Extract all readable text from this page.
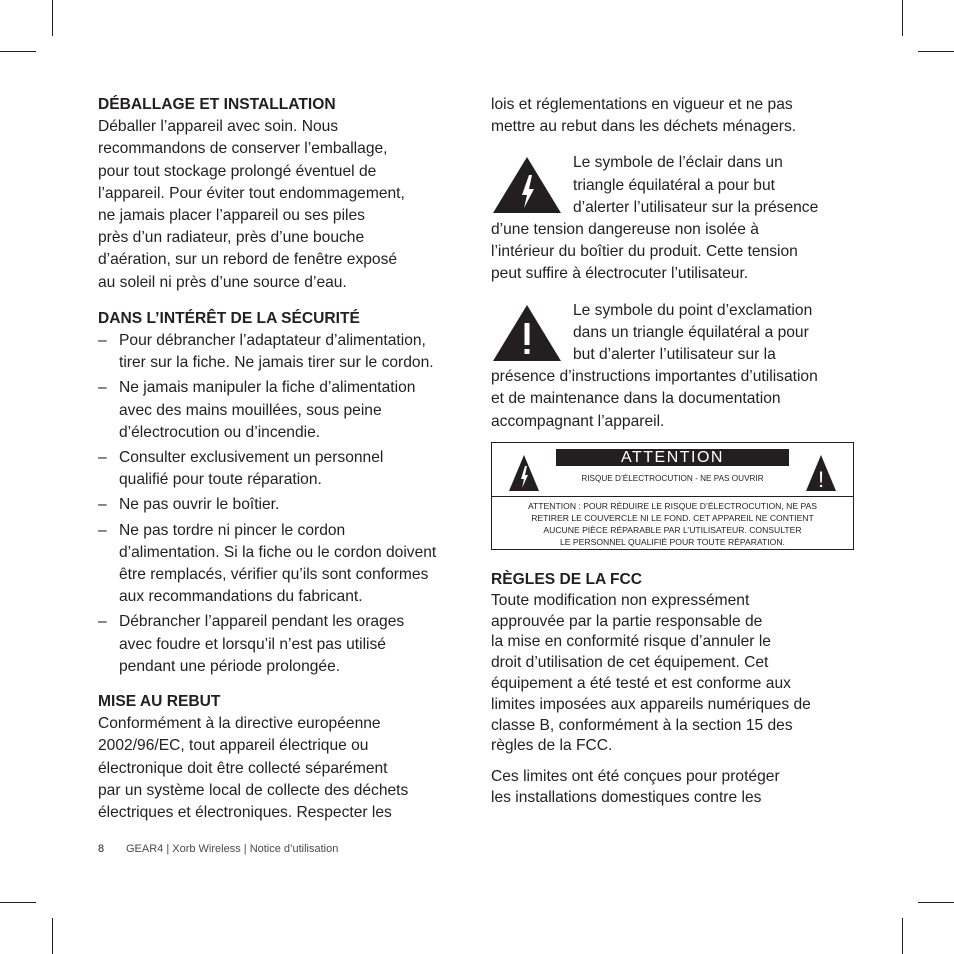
DÉBALLAGE ET INSTALLATION

Déballer l’appareil avec soin. Nous
recommandons de conserver l’emballage,
pour tout stockage prolongé éventuel de
l’appareil. Pour éviter tout endommagement,
ne jamais placer l’appareil ou ses piles
près d’un radiateur, près d’une bouche
d’aération, sur un rebord de fenêtre exposé
au soleil ni près d’une source d’eau.

DANS L’INTÉRÊT DE LA SÉCURITÉ
– Pour débrancher l’adaptateur d’alimentation,
tirer sur la fiche. Ne jamais tirer sur le cordon.
– Ne jamais manipuler la fiche d’alimentation
avec des mains mouillées, sous peine
d’électrocution ou d’incendie.
– Consulter exclusivement un personnel
qualifié pour toute réparation.
– Ne pas ouvrir le boîtier.
– Ne pas tordre ni pincer le cordon
d’alimentation. Si la fiche ou le cordon doivent
être remplacés, vérifier qu’ils sont conformes
aux recommandations du fabricant.
– Débrancher l’appareil pendant les orages
avec foudre et lorsqu’il n’est pas utilisé
pendant une période prolongée.
MISE AU REBUT

Conformément à la directive européenne
2002/96/EC, tout appareil électrique ou
électronique doit être collecté séparément
par un système local de collecte des déchets
électriques et électroniques. Respecter les

lois et réglementations en vigueur et ne pas
mettre au rebut dans les déchets ménagers.

Le symbole de l’éclair dans un
triangle équilatéral a pour but
d’alerter l’utilisateur sur la présence
d’une tension dangereuse non isolée à
l’intérieur du boîtier du produit. Cette tension
peut suffire à électrocuter l’utilisateur.

Le symbole du point d’exclamation
dans un triangle équilatéral a pour
but d’alerter l’utilisateur sur la
présence d’instructions importantes d’utilisation
et de maintenance dans la documentation
accompagnant l’appareil.

ATTENTION
RISQUE D’ÉLECTROCUTION - NE PAS OUVRIR	!
ATTENTION : POUR RÉDUIRE LE RISQUE D’ÉLECTROCUTION, NE PAS
RETIRER LE COUVERCLE NI LE FOND. CET APPAREIL NE CONTIENT
AUCUNE PIÈCE RÉPARABLE PAR L’UTILISATEUR. CONSULTER
LE PERSONNEL QUALIFIÉ POUR TOUTE RÉPARATION.
RÈGLES DE LA FCC

Toute modification non expressément
approuvée par la partie responsable de
la mise en conformité risque d’annuler le
droit d’utilisation de cet équipement. Cet
équipement a été testé et est conforme aux
limites imposées aux appareils numériques de
classe B, conformément à la section 15 des
règles de la FCC.

Ces limites ont été conçues pour protéger
les installations domestiques contre les

8 GEAR4 | Xorb Wireless | Notice d’utilisation
